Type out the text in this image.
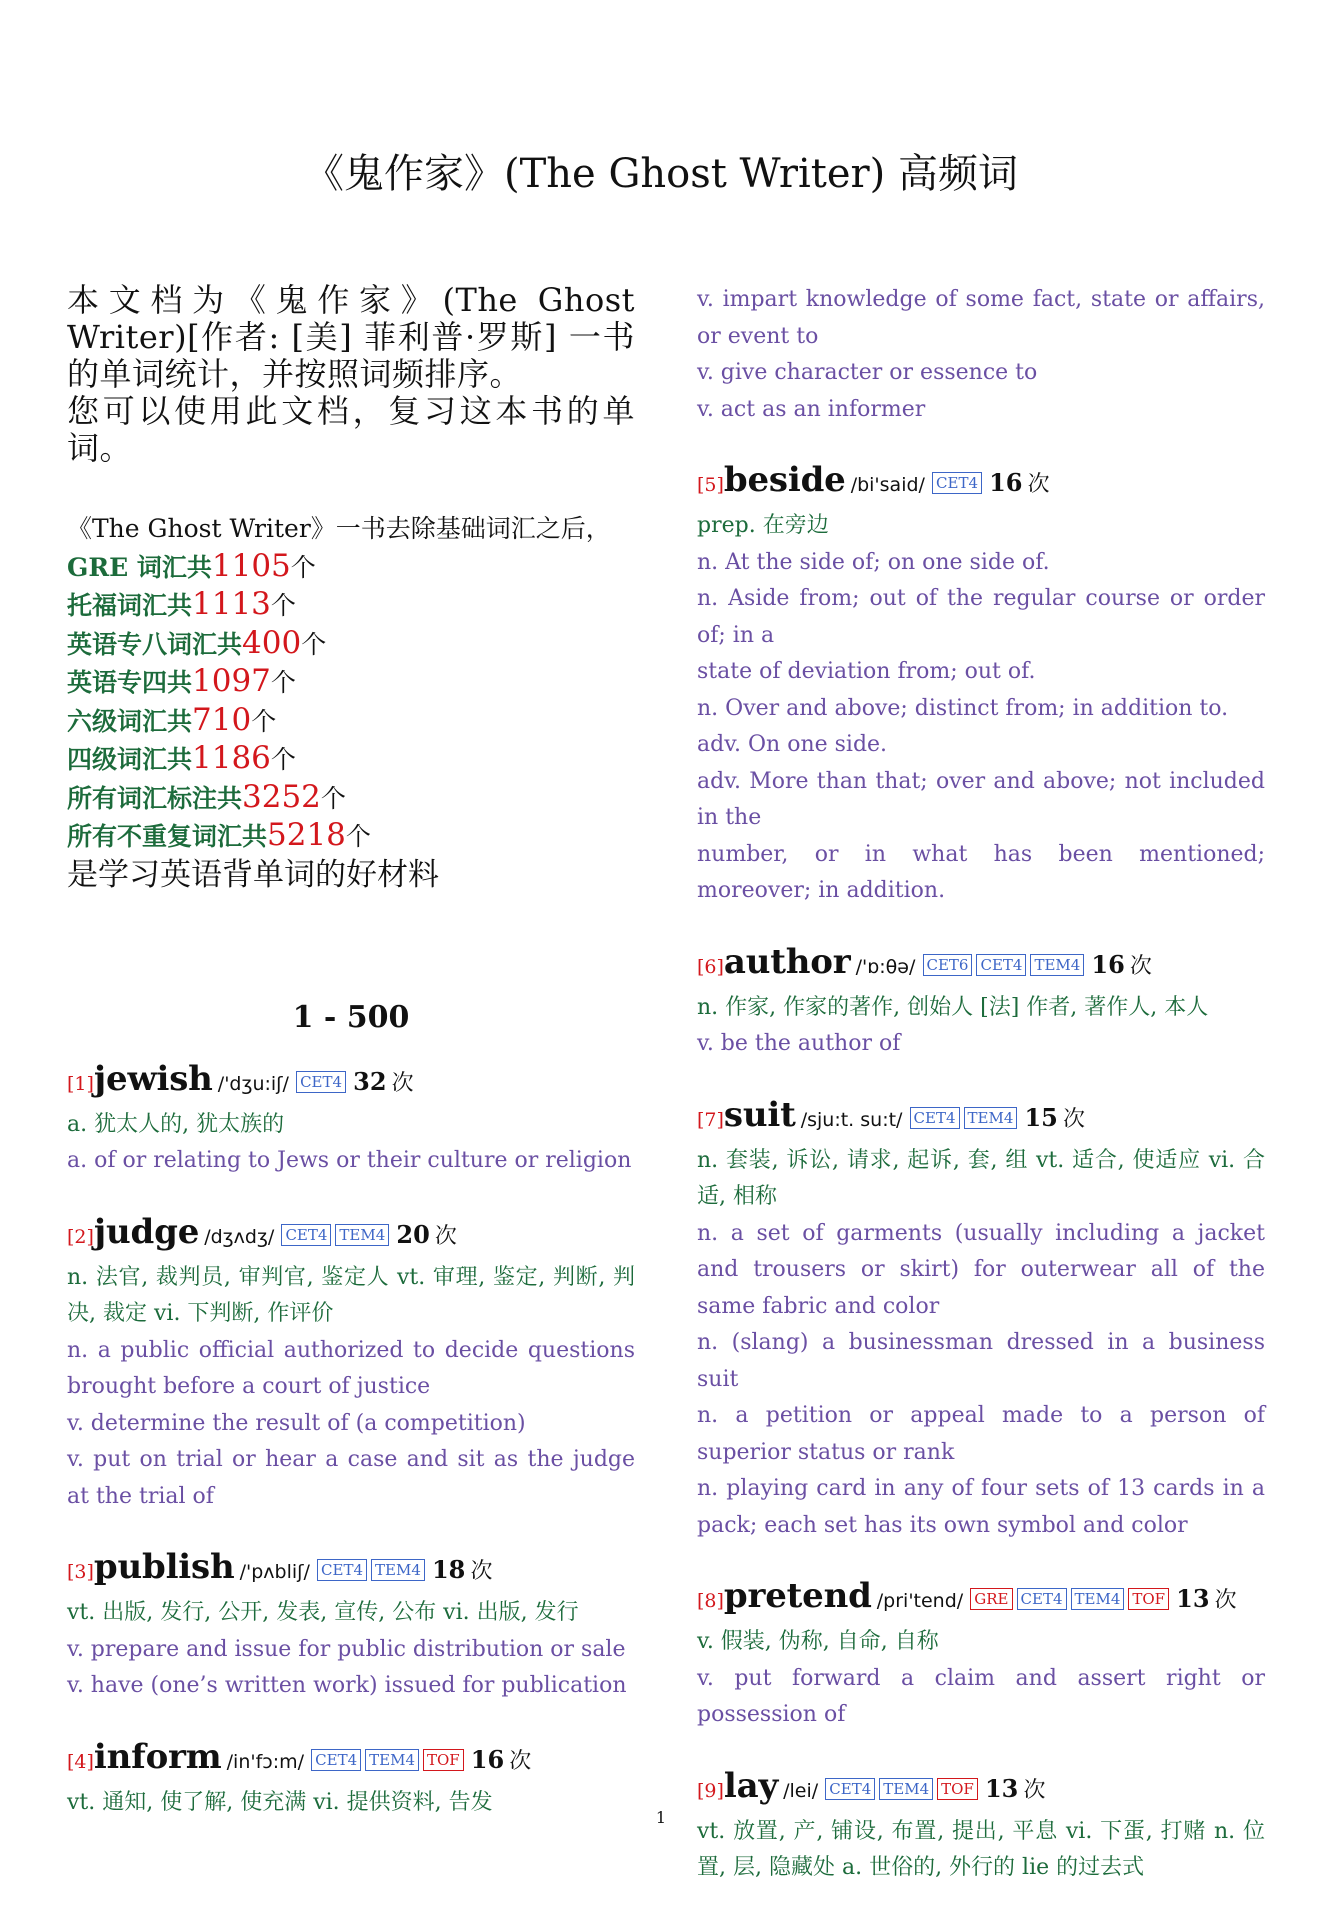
《鬼作家》(The Ghost Writer) 高频词

本文档为《鬼作家》(The Ghost Writer)[作者: [美] 菲利普·罗斯] 一书的单词统计，并按照词频排序。

您可以使用此文档，复习这本书的单词。

《The Ghost Writer》一书去除基础词汇之后，
GRE 词汇共1105个
托福词汇共1113个
英语专八词汇共400个
英语专四共1097个
六级词汇共710个
四级词汇共1186个
所有词汇标注共3252个
所有不重复词汇共5218个
是学习英语背单词的好材料
1 - 500
[1]jewish /'dʒu:iʃ/ CET4 32 次

a. 犹太人的, 犹太族的

a. of or relating to Jews or their culture or religion

[2]judge /dʒʌdʒ/ CET4 TEM4 20 次

n. 法官, 裁判员, 审判官, 鉴定人 vt. 审理, 鉴定, 判断, 判决, 裁定 vi. 下判断, 作评价

n. a public official authorized to decide questions brought before a court of justice

v. determine the result of (a competition)

v. put on trial or hear a case and sit as the judge at the trial of

[3]publish /'pʌbliʃ/ CET4 TEM4 18 次

vt. 出版, 发行, 公开, 发表, 宣传, 公布 vi. 出版, 发行

v. prepare and issue for public distribution or sale

v. have (one’s written work) issued for publication

[4]inform /in'fɔ:m/ CET4 TEM4 TOF 16 次

vt. 通知, 使了解, 使充满 vi. 提供资料, 告发

v. impart knowledge of some fact, state or affairs, or event to

v. give character or essence to

v. act as an informer

[5]beside /bi'said/ CET4 16 次

prep. 在旁边

n. At the side of; on one side of.

n. Aside from; out of the regular course or order of; in a

state of deviation from; out of.

n. Over and above; distinct from; in addition to.

adv. On one side.

adv. More than that; over and above; not included in the

number, or in what has been mentioned; moreover; in addition.

[6]author /'ɒ:θə/ CET6 CET4 TEM4 16 次

n. 作家, 作家的著作, 创始人 [法] 作者, 著作人, 本人

v. be the author of

[7]suit /sju:t. su:t/ CET4 TEM4 15 次

n. 套装, 诉讼, 请求, 起诉, 套, 组 vt. 适合, 使适应 vi. 合适, 相称

n. a set of garments (usually including a jacket and trousers or skirt) for outerwear all of the same fabric and color

n. (slang) a businessman dressed in a business suit

n. a petition or appeal made to a person of superior status or rank

n. playing card in any of four sets of 13 cards in a pack; each set has its own symbol and color

[8]pretend /pri'tend/ GRE CET4 TEM4 TOF 13 次

v. 假装, 伪称, 自命, 自称

v. put forward a claim and assert right or possession of

[9]lay /lei/ CET4 TEM4 TOF 13 次

vt. 放置, 产, 铺设, 布置, 提出, 平息 vi. 下蛋, 打赌 n. 位置, 层, 隐藏处 a. 世俗的, 外行的 lie 的过去式

1
